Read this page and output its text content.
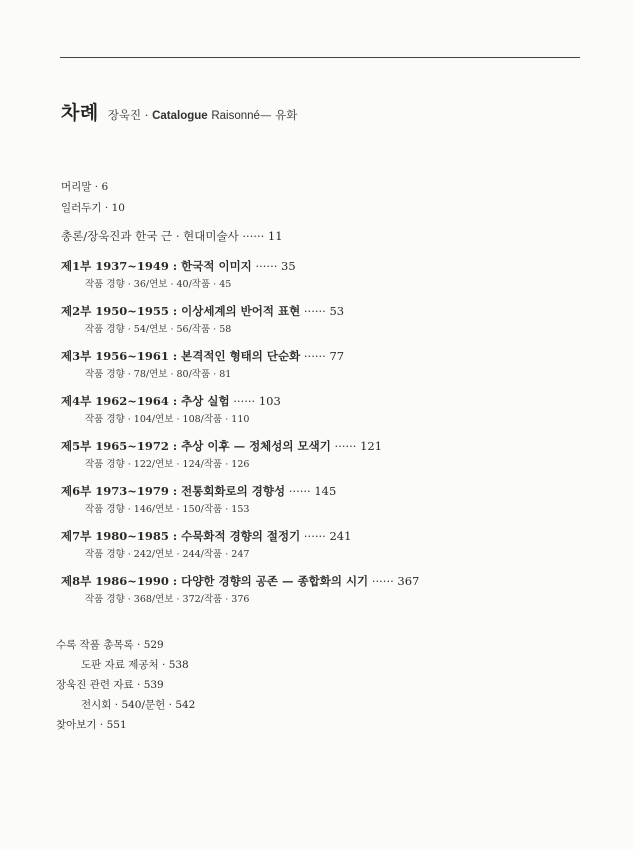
차례 장욱진 · Catalogue Raisonné— 유화
머리말 · 6
일러두기 · 10
총론/장욱진과 한국 근 · 현대미술사 ······ 11
제1부 1937~1949 : 한국적 이미지 ······ 35
작품 경향 · 36/연보 · 40/작품 · 45
제2부 1950~1955 : 이상세계의 반어적 표현 ······ 53
작품 경향 · 54/연보 · 56/작품 · 58
제3부 1956~1961 : 본격적인 형태의 단순화 ······ 77
작품 경향 · 78/연보 · 80/작품 · 81
제4부 1962~1964 : 추상 실험 ······ 103
작품 경향 · 104/연보 · 108/작품 · 110
제5부 1965~1972 : 추상 이후 — 정체성의 모색기 ······ 121
작품 경향 · 122/연보 · 124/작품 · 126
제6부 1973~1979 : 전통회화로의 경향성 ······ 145
작품 경향 · 146/연보 · 150/작품 · 153
제7부 1980~1985 : 수묵화적 경향의 절정기 ······ 241
작품 경향 · 242/연보 · 244/작품 · 247
제8부 1986~1990 : 다양한 경향의 공존 — 종합화의 시기 ······ 367
작품 경향 · 368/연보 · 372/작품 · 376
수록 작품 총목록 · 529
도판 자료 제공처 · 538
장욱진 관련 자료 · 539
전시회 · 540/문헌 · 542
찾아보기 · 551
